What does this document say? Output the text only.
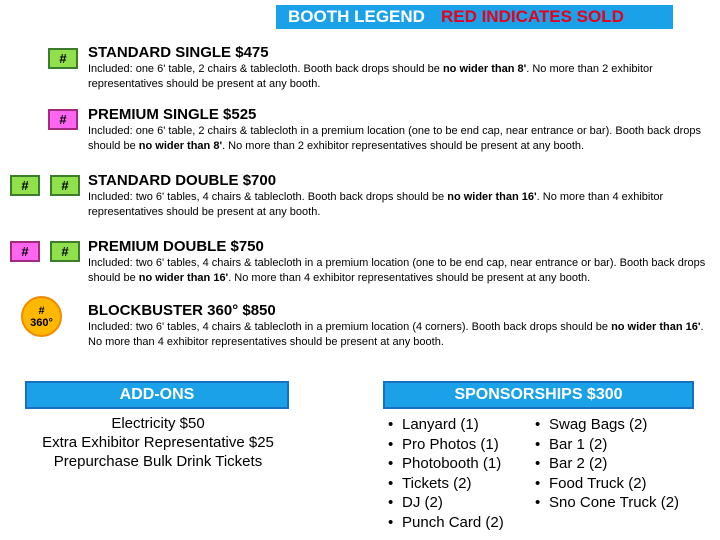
BOOTH LEGEND RED INDICATES SOLD
#
#
#	#
#	#
#
360°
STANDARD SINGLE $475
Included: one 6' table, 2 chairs & tablecloth. Booth back drops should be no wider than 8'. No more than 2 exhibitor representatives should be present at any booth.
PREMIUM SINGLE $525
Included: one 6' table, 2 chairs & tablecloth in a premium location (one to be end cap, near entrance or bar). Booth back drops should be no wider than 8'. No more than 2 exhibitor representatives should be present at any booth.
STANDARD DOUBLE $700
Included: two 6' tables, 4 chairs & tablecloth. Booth back drops should be no wider than 16'. No more than 4 exhibitor representatives should be present at any booth.
PREMIUM DOUBLE $750
Included: two 6' tables, 4 chairs & tablecloth in a premium location (one to be end cap, near entrance or bar). Booth back drops should be no wider than 16'. No more than 4 exhibitor representatives should be present at any booth.
BLOCKBUSTER 360° $850
Included: two 6' tables, 4 chairs & tablecloth in a premium location (4 corners). Booth back drops should be no wider than 16'. No more than 4 exhibitor representatives should be present at any booth.
ADD-ONS
Electricity $50
Extra Exhibitor Representative $25
Prepurchase Bulk Drink Tickets
SPONSORSHIPS $300
• Lanyard (1)
• Pro Photos (1)
• Photobooth (1)
• Tickets (2)
• DJ (2)
• Punch Card (2)
• Swag Bags (2)
• Bar 1 (2)
• Bar 2 (2)
• Food Truck (2)
• Sno Cone Truck (2)
